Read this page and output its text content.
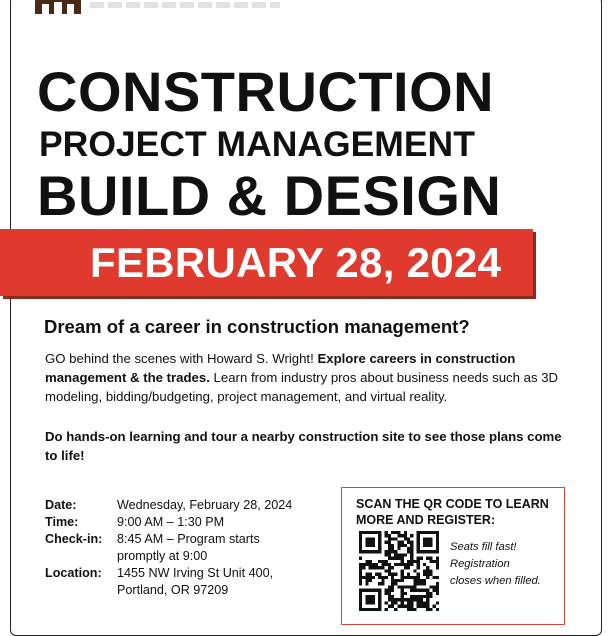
CONSTRUCTION
PROJECT MANAGEMENT
BUILD & DESIGN

FEBRUARY 28, 2024

Dream of a career in construction management?

GO behind the scenes with Howard S. Wright! Explore careers in construction management & the trades. Learn from industry pros about business needs such as 3D modeling, bidding/budgeting, project management, and virtual reality.

Do hands-on learning and tour a nearby construction site to see those plans come to life!

Date:	Wednesday, February 28, 2024
Time:	9:00 AM – 1:30 PM
Check-in:	8:45 AM – Program starts promptly at 9:00
Location:	1455 NW Irving St Unit 400, Portland, OR 97209

SCAN THE QR CODE TO LEARN MORE AND REGISTER:

Seats fill fast!
Registration
closes when filled.
